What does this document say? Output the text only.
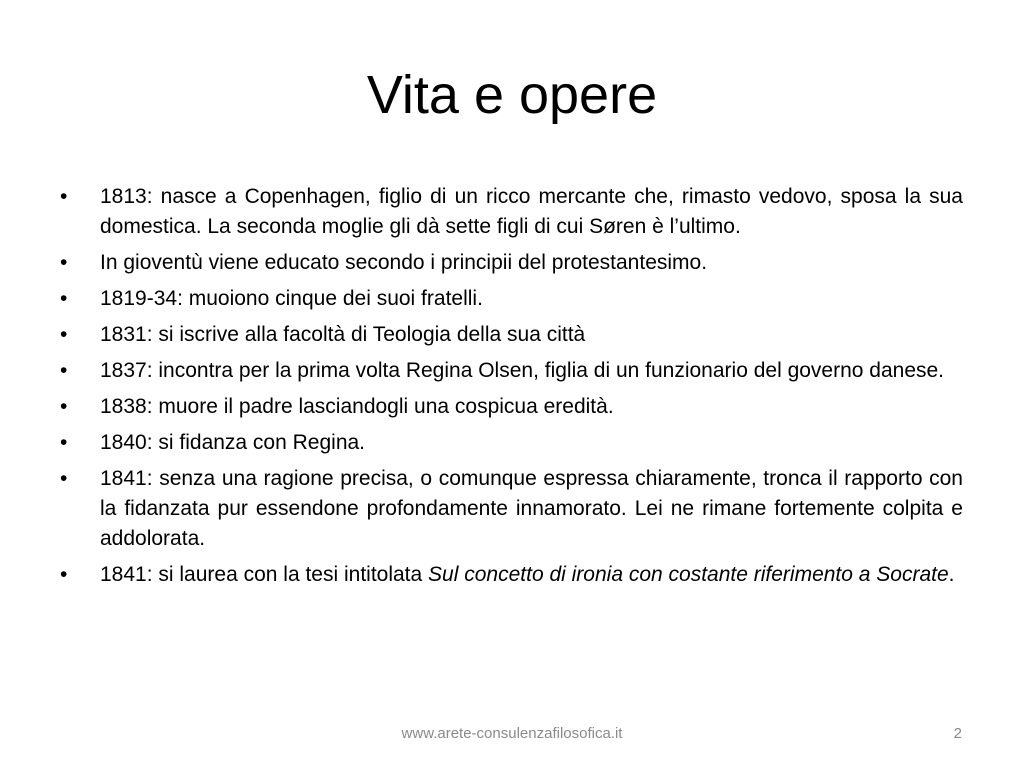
Vita e opere
•	1813: nasce a Copenhagen, figlio di un ricco mercante che, rimasto vedovo, sposa la sua domestica. La seconda moglie gli dà sette figli di cui Søren è l’ultimo.
•	In gioventù viene educato secondo i principii del protestantesimo.
•	1819-34: muoiono cinque dei suoi fratelli.
•	1831: si iscrive alla facoltà di Teologia della sua città
•	1837: incontra per la prima volta Regina Olsen, figlia di un funzionario del governo danese.
•	1838: muore il padre lasciandogli una cospicua eredità.
•	1840: si fidanza con Regina.
•	1841: senza una ragione precisa, o comunque espressa chiaramente, tronca il rapporto con la fidanzata pur essendone profondamente innamorato. Lei ne rimane fortemente colpita e addolorata.
•	1841: si laurea con la tesi intitolata Sul concetto di ironia con costante riferimento a Socrate.
www.arete-consulenzafilosofica.it	2
